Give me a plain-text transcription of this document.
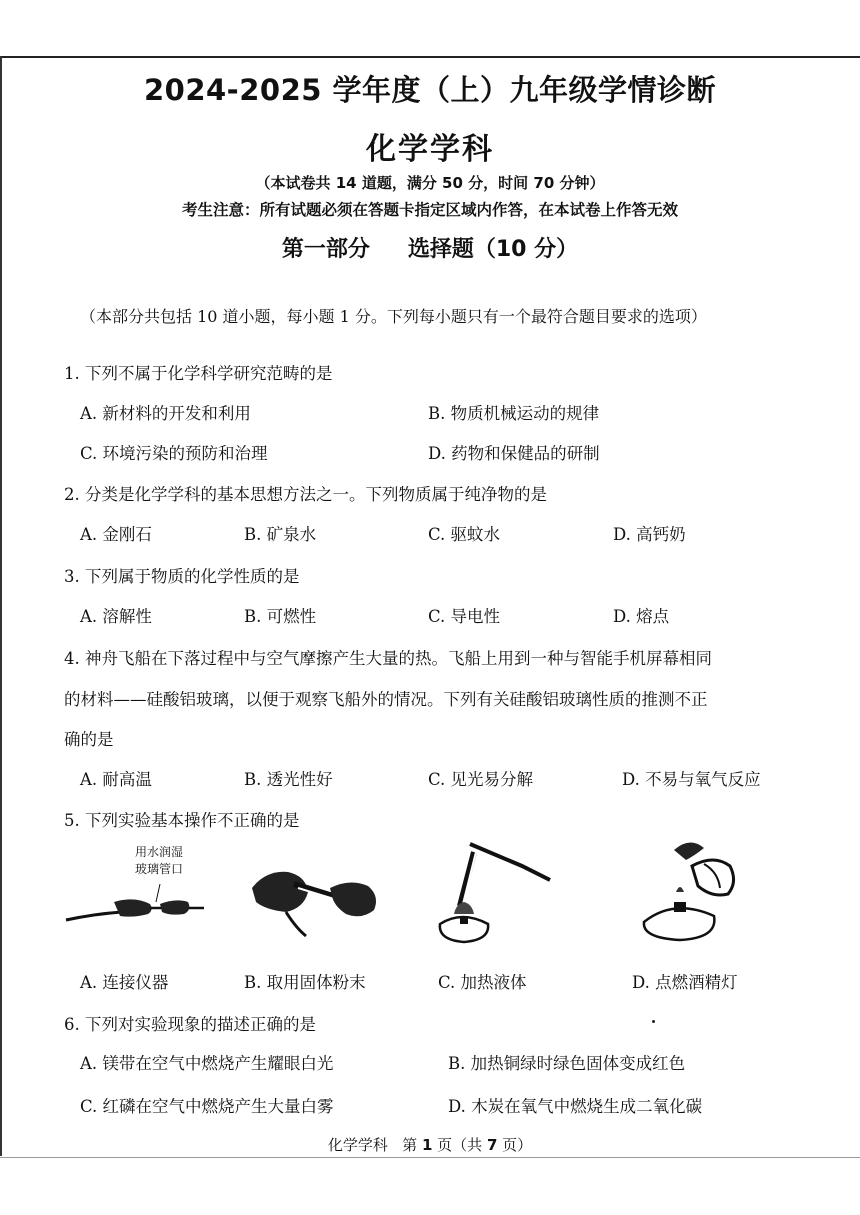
2024-2025 学年度（上）九年级学情诊断
化学学科
（本试卷共 14 道题，满分 50 分，时间 70 分钟）
考生注意：所有试题必须在答题卡指定区域内作答，在本试卷上作答无效
第一部分 选择题（10 分）
（本部分共包括 10 道小题，每小题 1 分。下列每小题只有一个最符合题目要求的选项）
1. 下列不属于化学科学研究范畴的是
A. 新材料的开发和利用	B. 物质机械运动的规律
C. 环境污染的预防和治理	D. 药物和保健品的研制
2. 分类是化学学科的基本思想方法之一。下列物质属于纯净物的是
A. 金刚石	B. 矿泉水	C. 驱蚊水	D. 高钙奶
3. 下列属于物质的化学性质的是
A. 溶解性	B. 可燃性	C. 导电性	D. 熔点
4. 神舟飞船在下落过程中与空气摩擦产生大量的热。飞船上用到一种与智能手机屏幕相同
的材料——硅酸铝玻璃，以便于观察飞船外的情况。下列有关硅酸铝玻璃性质的推测不正
确的是
A. 耐高温	B. 透光性好	C. 见光易分解	D. 不易与氧气反应
5. 下列实验基本操作不正确的是
用水润湿
玻璃管口
A. 连接仪器	B. 取用固体粉末	C. 加热液体	D. 点燃酒精灯
6. 下列对实验现象的描述正确的是
A. 镁带在空气中燃烧产生耀眼白光	B. 加热铜绿时绿色固体变成红色
C. 红磷在空气中燃烧产生大量白雾	D. 木炭在氧气中燃烧生成二氧化碳
化学学科 第 1 页（共 7 页）
